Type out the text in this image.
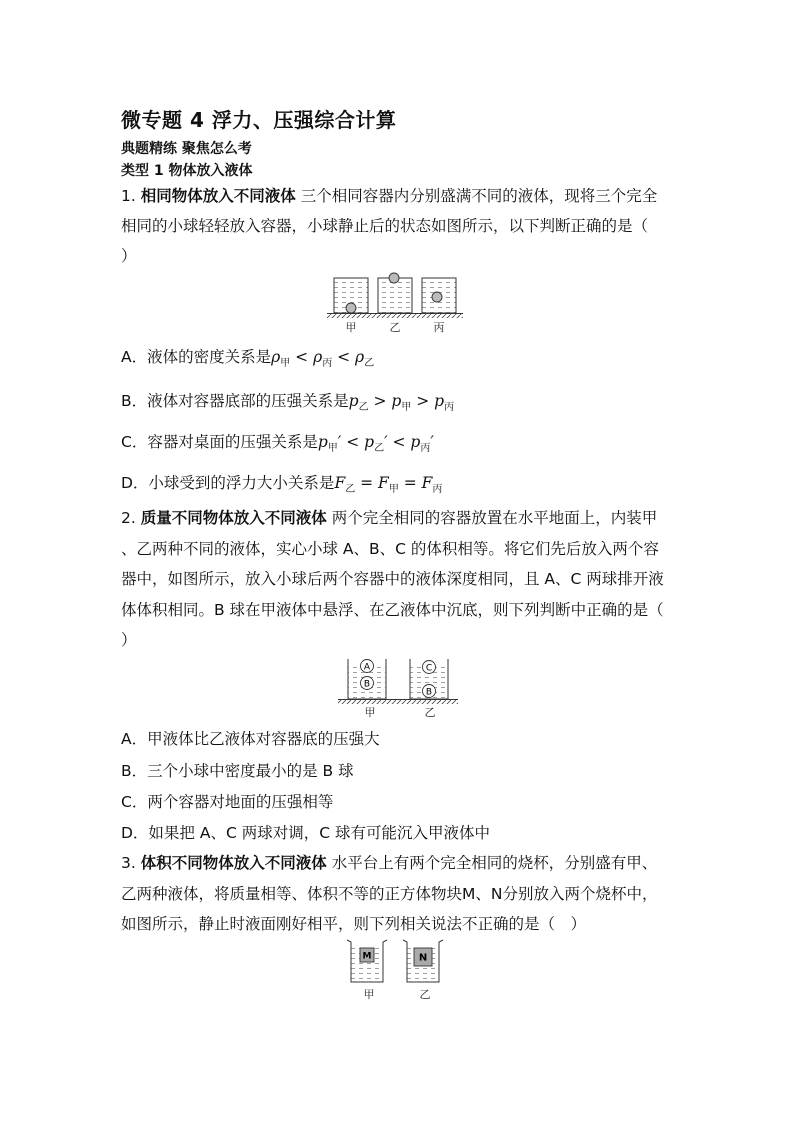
微专题 4 浮力、压强综合计算
典题精练 聚焦怎么考
类型 1 物体放入液体
1. 相同物体放入不同液体 三个相同容器内分别盛满不同的液体，现将三个完全
相同的小球轻轻放入容器，小球静止后的状态如图所示，以下判断正确的是（
）
甲	乙	丙
A．液体的密度关系是$\rho_甲 < \rho_丙 < \rho_乙$
B．液体对容器底部的压强关系是$p_乙 > p_甲 > p_丙$
C．容器对桌面的压强关系是$p_甲' < p_乙' < p_丙'$
D．小球受到的浮力大小关系是$F_乙 = F_甲 = F_丙$
2. 质量不同物体放入不同液体 两个完全相同的容器放置在水平地面上，内装甲
、乙两种不同的液体，实心小球 A、B、C 的体积相等。将它们先后放入两个容
器中，如图所示，放入小球后两个容器中的液体深度相同，且 A、C 两球排开液
体体积相同。B 球在甲液体中悬浮、在乙液体中沉底，则下列判断中正确的是（
）
A
B
C
B
甲	乙
A．甲液体比乙液体对容器底的压强大
B．三个小球中密度最小的是 B 球
C．两个容器对地面的压强相等
D．如果把 A、C 两球对调，C 球有可能沉入甲液体中
3. 体积不同物体放入不同液体 水平台上有两个完全相同的烧杯，分别盛有甲、
乙两种液体，将质量相等、体积不等的正方体物块M、N分别放入两个烧杯中，
如图所示，静止时液面刚好相平，则下列相关说法不正确的是（　）
M	N
甲	乙
